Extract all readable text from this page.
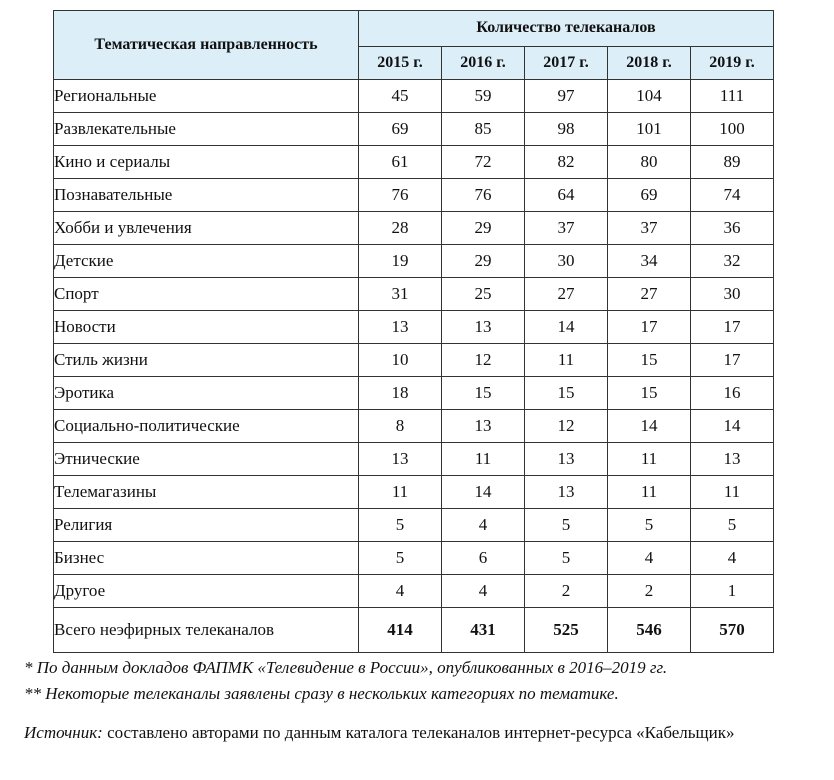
Тематическая направленность	Количество телеканалов				
	2015 г.	2016 г.	2017 г.	2018 г.	2019 г.
Региональные	45	59	97	104	111
Развлекательные	69	85	98	101	100
Кино и сериалы	61	72	82	80	89
Познавательные	76	76	64	69	74
Хобби и увлечения	28	29	37	37	36
Детские	19	29	30	34	32
Спорт	31	25	27	27	30
Новости	13	13	14	17	17
Стиль жизни	10	12	11	15	17
Эротика	18	15	15	15	16
Социально-политические	8	13	12	14	14
Этнические	13	11	13	11	13
Телемагазины	11	14	13	11	11
Религия	5	4	5	5	5
Бизнес	5	6	5	4	4
Другое	4	4	2	2	1
Всего неэфирных телеканалов	414	431	525	546	570

* По данным докладов ФАПМК «Телевидение в России», опубликованных в 2016–2019 гг.

** Некоторые телеканалы заявлены сразу в нескольких категориях по тематике.

Источник: составлено авторами по данным каталога телеканалов интернет-ресурса «Кабельщик»
